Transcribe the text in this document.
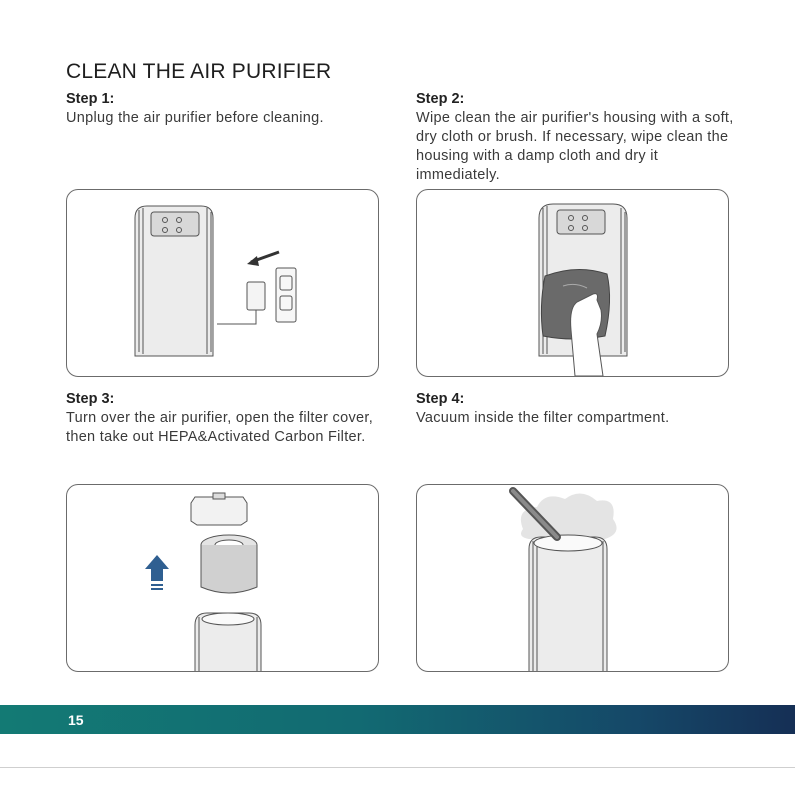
CLEAN THE AIR PURIFIER
Step 1:
Unplug the air purifier before cleaning.
Step 2:
Wipe clean the air purifier's housing with a soft, dry cloth or brush. If necessary, wipe clean the housing with a damp cloth and dry it immediately.
Step 3:
Turn over the air purifier, open the filter cover, then take out HEPA&Activated Carbon Filter.
Step 4:
Vacuum inside the filter compartment.
15
